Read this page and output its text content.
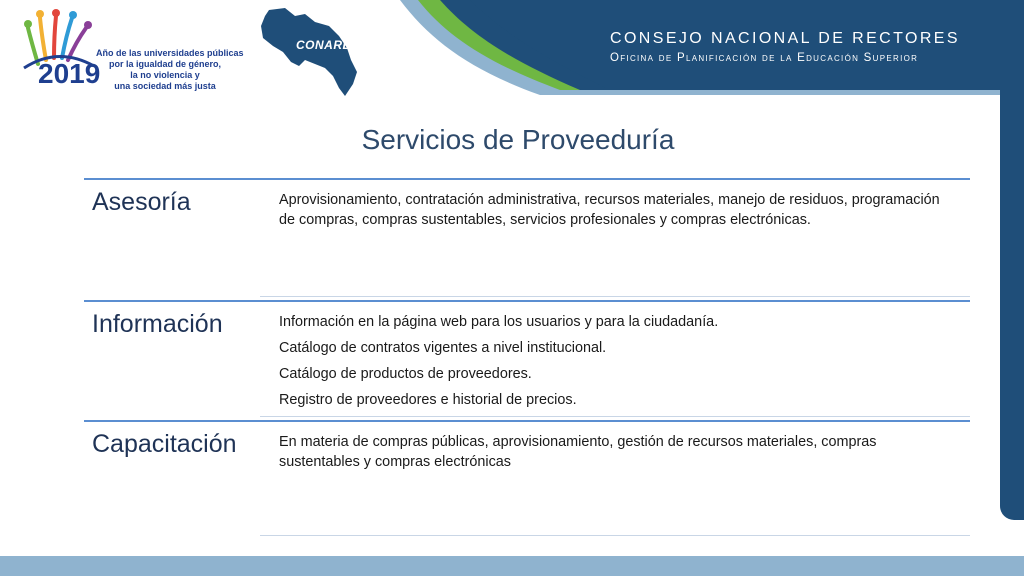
2019
Año de las universidades públicas
por la igualdad de género,
la no violencia y
una sociedad más justa
CONARE	CONSEJO NACIONAL DE RECTORES
Oficina de Planificación de la Educación Superior
Servicios de Proveeduría
Asesoría	Aprovisionamiento, contratación administrativa, recursos materiales, manejo de residuos, programación de compras, compras sustentables, servicios profesionales y compras electrónicas.
Información	Información en la página web para los usuarios y para la ciudadanía.
Catálogo de contratos vigentes a nivel institucional.
Catálogo de productos de proveedores.
Registro de proveedores e historial de precios.
Capacitación	En materia de compras públicas, aprovisionamiento, gestión de recursos materiales, compras sustentables y compras electrónicas
